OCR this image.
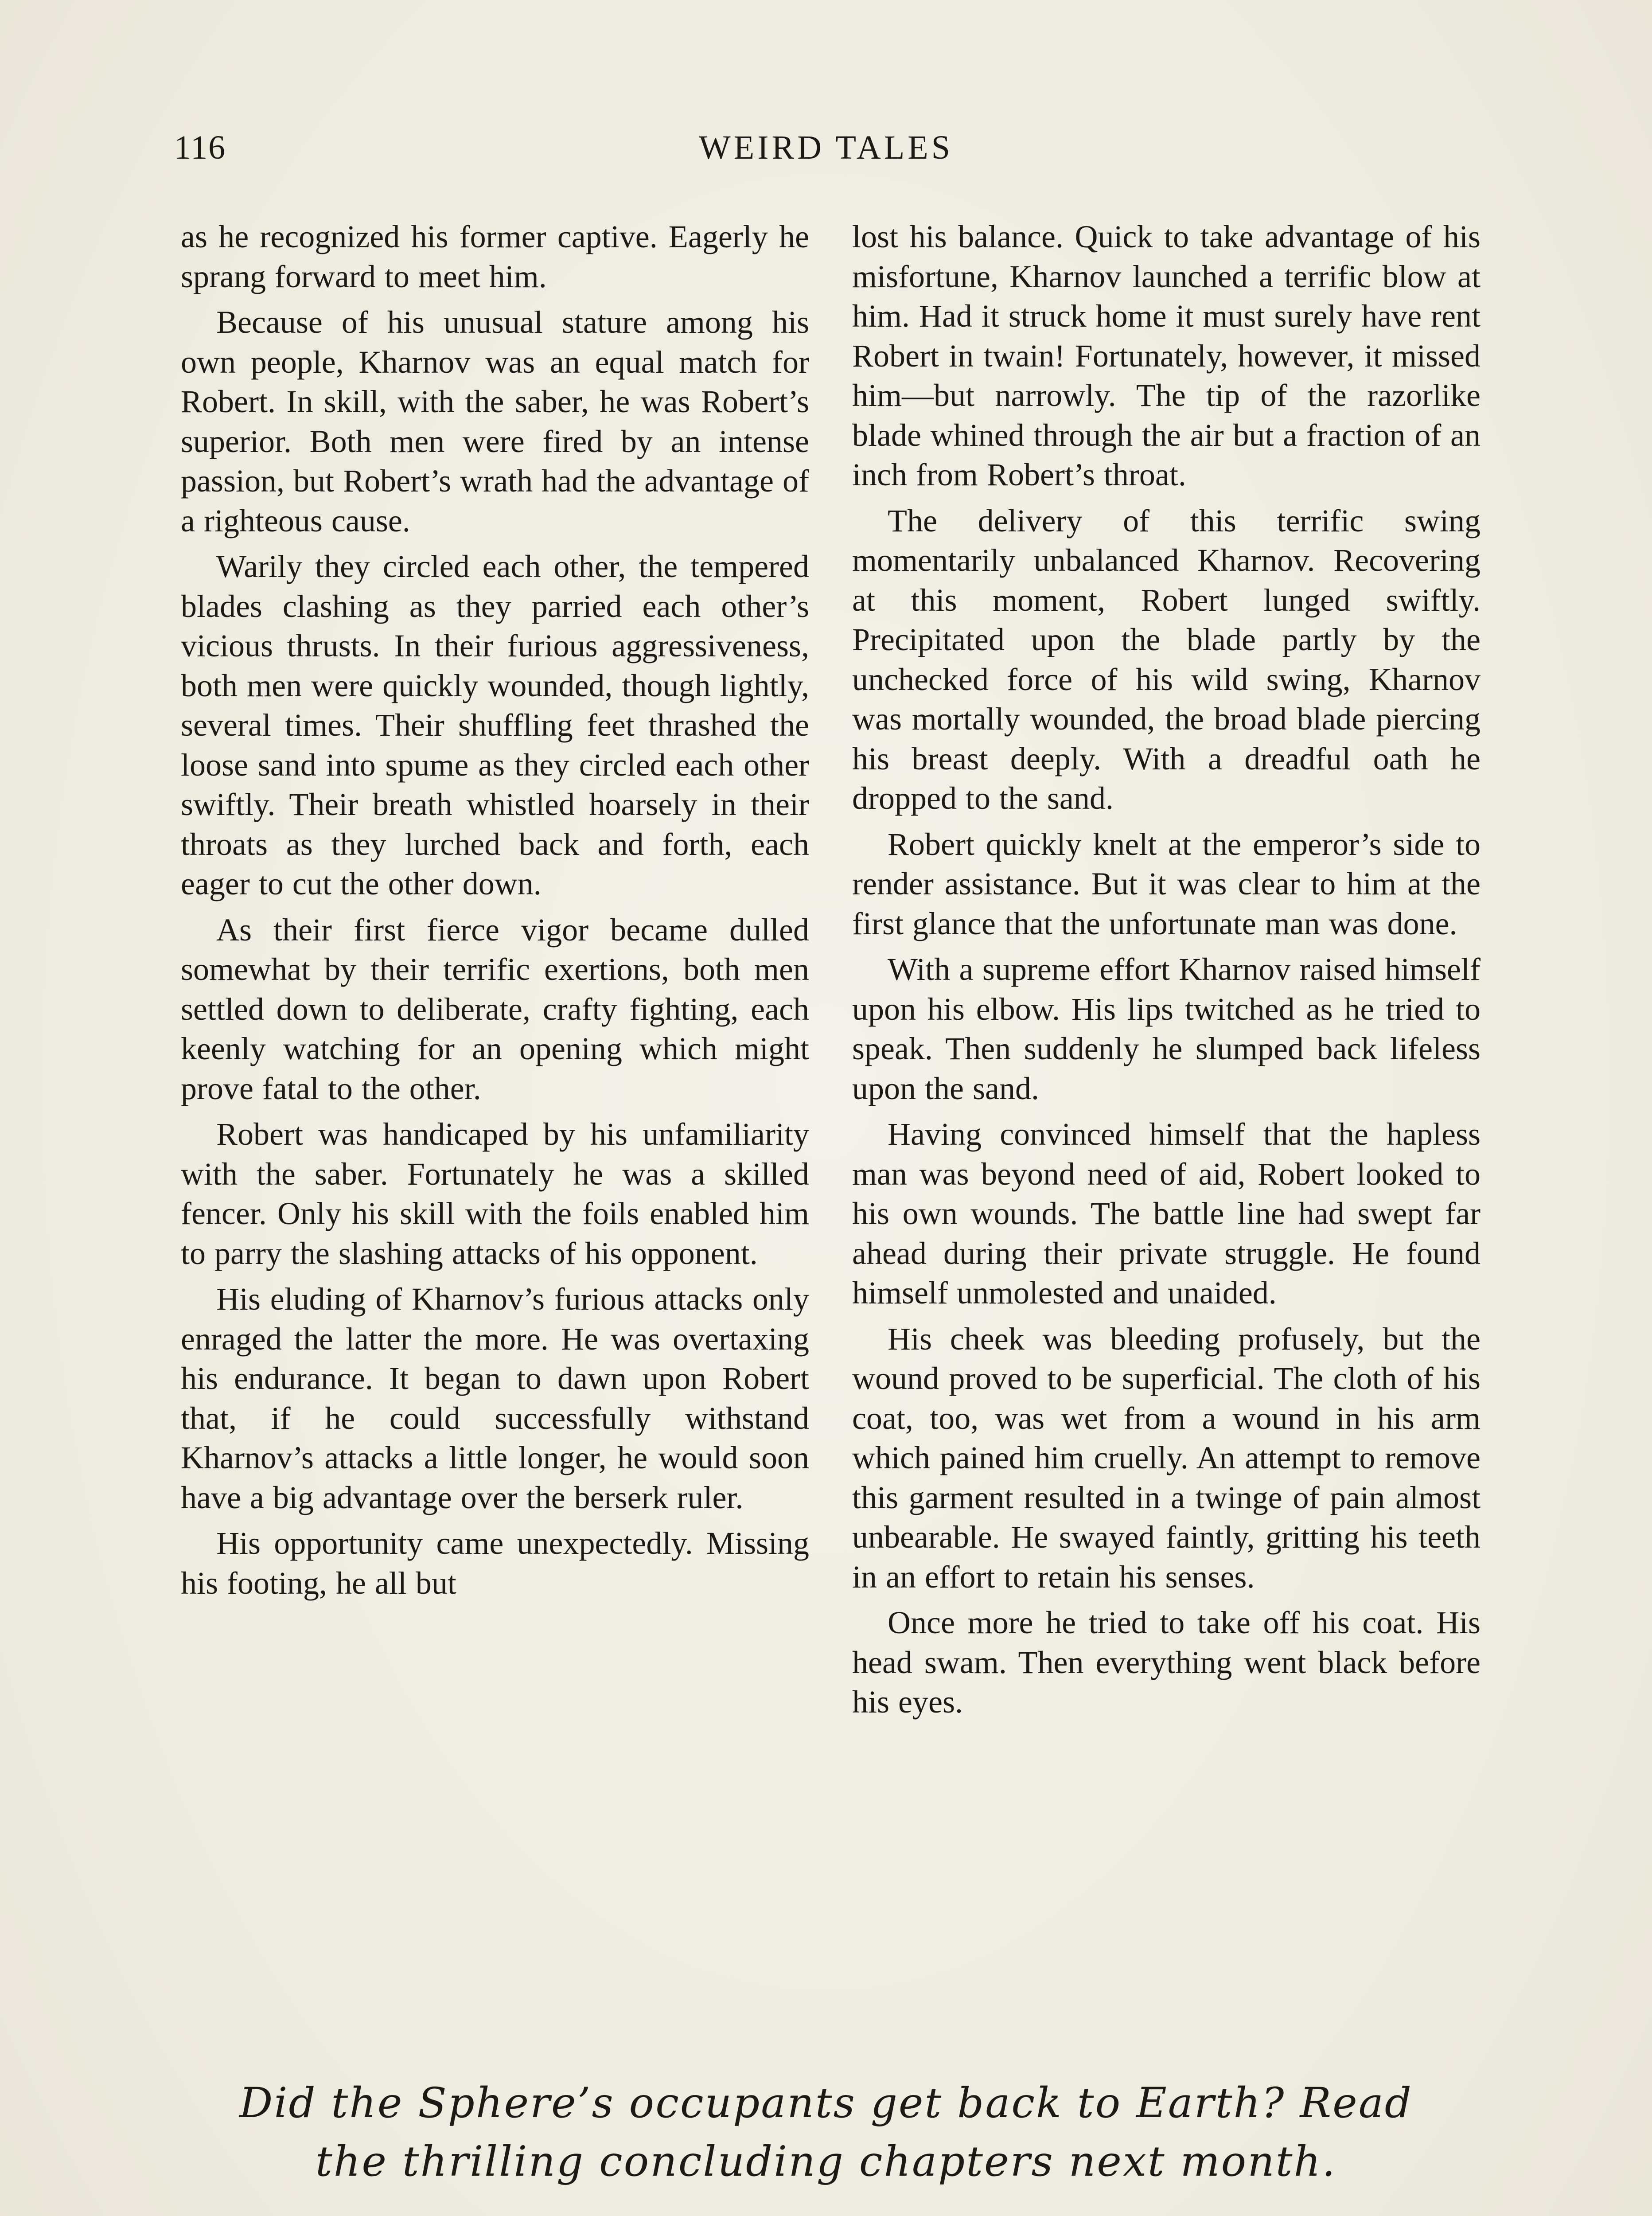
116	WEIRD TALES

as he recognized his former captive. Eagerly he sprang forward to meet him.

Because of his unusual stature among his own people, Kharnov was an equal match for Robert. In skill, with the saber, he was Robert’s superior. Both men were fired by an intense passion, but Robert’s wrath had the advantage of a righteous cause.

Warily they circled each other, the tempered blades clashing as they parried each other’s vicious thrusts. In their furious aggressiveness, both men were quickly wounded, though lightly, several times. Their shuffling feet thrashed the loose sand into spume as they circled each other swiftly. Their breath whistled hoarsely in their throats as they lurched back and forth, each eager to cut the other down.

As their first fierce vigor became dulled somewhat by their terrific exertions, both men settled down to deliberate, crafty fighting, each keenly watching for an opening which might prove fatal to the other.

Robert was handicaped by his unfamiliarity with the saber. Fortunately he was a skilled fencer. Only his skill with the foils enabled him to parry the slashing attacks of his opponent.

His eluding of Kharnov’s furious attacks only enraged the latter the more. He was overtaxing his endurance. It began to dawn upon Robert that, if he could successfully withstand Kharnov’s attacks a little longer, he would soon have a big advantage over the berserk ruler.

His opportunity came unexpectedly. Missing his footing, he all but

lost his balance. Quick to take advantage of his misfortune, Kharnov launched a terrific blow at him. Had it struck home it must surely have rent Robert in twain! Fortunately, however, it missed him—but narrowly. The tip of the razorlike blade whined through the air but a fraction of an inch from Robert’s throat.

The delivery of this terrific swing momentarily unbalanced Kharnov. Recovering at this moment, Robert lunged swiftly. Precipitated upon the blade partly by the unchecked force of his wild swing, Kharnov was mortally wounded, the broad blade piercing his breast deeply. With a dreadful oath he dropped to the sand.

Robert quickly knelt at the emperor’s side to render assistance. But it was clear to him at the first glance that the unfortunate man was done.

With a supreme effort Kharnov raised himself upon his elbow. His lips twitched as he tried to speak. Then suddenly he slumped back lifeless upon the sand.

Having convinced himself that the hapless man was beyond need of aid, Robert looked to his own wounds. The battle line had swept far ahead during their private struggle. He found himself unmolested and unaided.

His cheek was bleeding profusely, but the wound proved to be superficial. The cloth of his coat, too, was wet from a wound in his arm which pained him cruelly. An attempt to remove this garment resulted in a twinge of pain almost unbearable. He swayed faintly, gritting his teeth in an effort to retain his senses.

Once more he tried to take off his coat. His head swam. Then everything went black before his eyes.

Did the Sphere’s occupants get back to Earth? Read
the thrilling concluding chapters next month.
